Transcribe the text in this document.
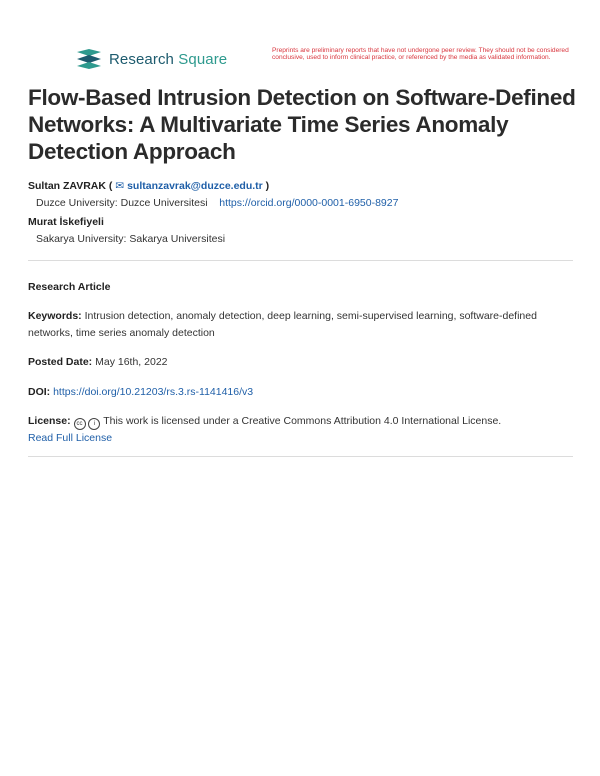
Research Square	Preprints are preliminary reports that have not undergone peer review. They should not be considered conclusive, used to inform clinical practice, or referenced by the media as validated information.
Flow-Based Intrusion Detection on Software-Defined Networks: A Multivariate Time Series Anomaly Detection Approach
Sultan ZAVRAK ( ✉ sultanzavrak@duzce.edu.tr )
Duzce University: Duzce Universitesi https://orcid.org/0000-0001-6950-8927
Murat İskefiyeli
Sakarya University: Sakarya Universitesi
Research Article
Keywords: Intrusion detection, anomaly detection, deep learning, semi-supervised learning, software-defined networks, time series anomaly detection
Posted Date: May 16th, 2022
DOI: https://doi.org/10.21203/rs.3.rs-1141416/v3
License: cc i This work is licensed under a Creative Commons Attribution 4.0 International License.
Read Full License
